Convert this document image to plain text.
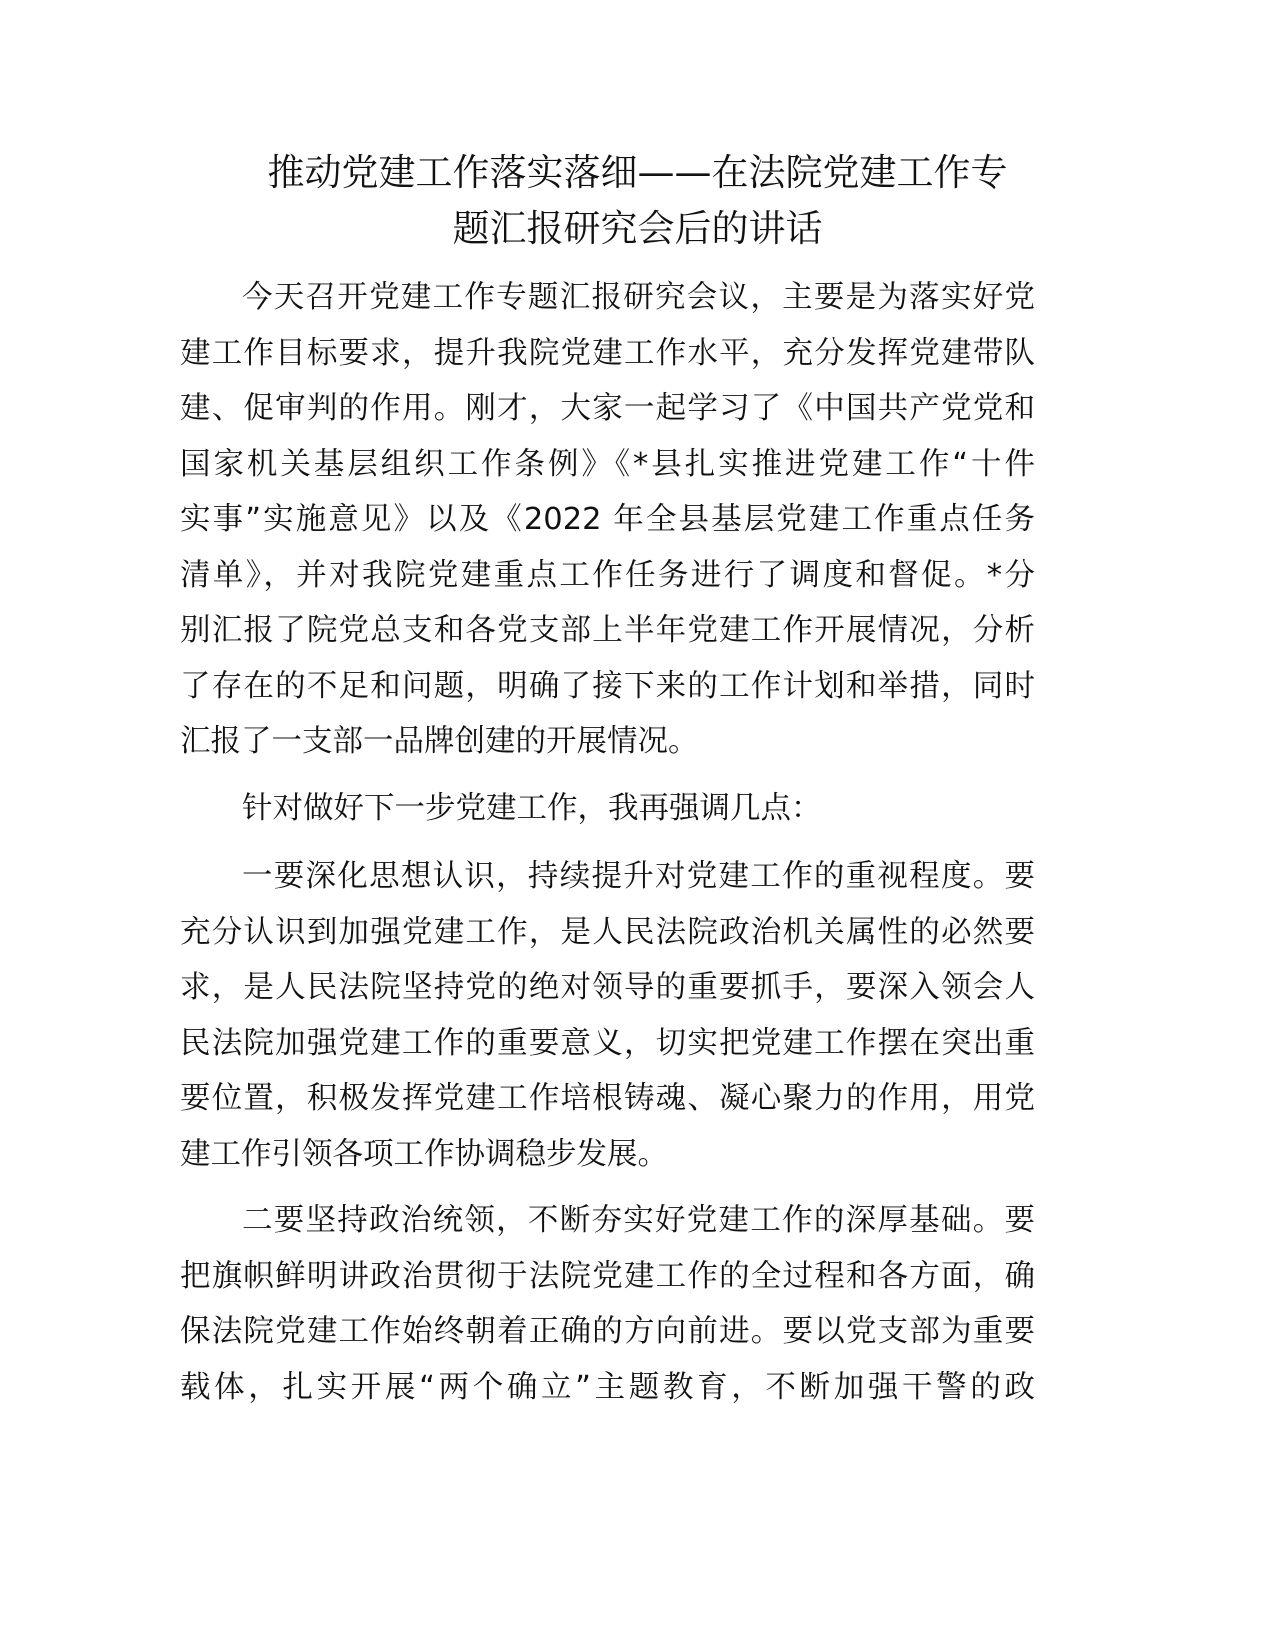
推动党建工作落实落细——在法院党建工作专
题汇报研究会后的讲话
今天召开党建工作专题汇报研究会议，主要是为落实好党
建工作目标要求，提升我院党建工作水平，充分发挥党建带队
建、促审判的作用。刚才，大家一起学习了《中国共产党党和
国家机关基层组织工作条例》《*县扎实推进党建工作“十件
实事”实施意见》以及《2022 年全县基层党建工作重点任务
清单》，并对我院党建重点工作任务进行了调度和督促。*分
别汇报了院党总支和各党支部上半年党建工作开展情况，分析
了存在的不足和问题，明确了接下来的工作计划和举措，同时
汇报了一支部一品牌创建的开展情况。
针对做好下一步党建工作，我再强调几点：
一要深化思想认识，持续提升对党建工作的重视程度。要
充分认识到加强党建工作，是人民法院政治机关属性的必然要
求，是人民法院坚持党的绝对领导的重要抓手，要深入领会人
民法院加强党建工作的重要意义，切实把党建工作摆在突出重
要位置，积极发挥党建工作培根铸魂、凝心聚力的作用，用党
建工作引领各项工作协调稳步发展。
二要坚持政治统领，不断夯实好党建工作的深厚基础。要
把旗帜鲜明讲政治贯彻于法院党建工作的全过程和各方面，确
保法院党建工作始终朝着正确的方向前进。要以党支部为重要
载体，扎实开展“两个确立”主题教育，不断加强干警的政
